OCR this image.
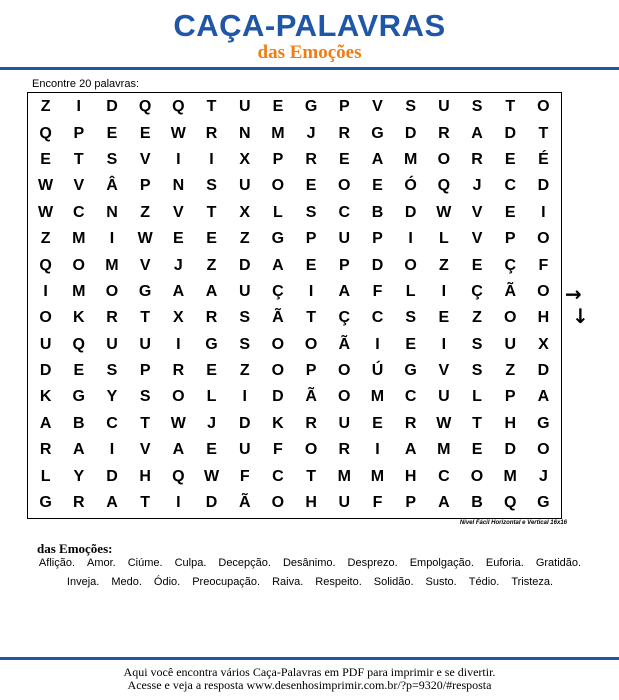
CAÇA-PALAVRAS
das Emoções
Encontre 20 palavras:
Z	I	D	Q	Q	T	U	E	G	P	V	S	U	S	T	O
Q	P	E	E	W	R	N	M	J	R	G	D	R	A	D	T
E	T	S	V	I	I	X	P	R	E	A	M	O	R	E	É
W	V	Â	P	N	S	U	O	E	O	E	Ó	Q	J	C	D
W	C	N	Z	V	T	X	L	S	C	B	D	W	V	E	I
Z	M	I	W	E	E	Z	G	P	U	P	I	L	V	P	O
Q	O	M	V	J	Z	D	A	E	P	D	O	Z	E	Ç	F
I	M	O	G	A	A	U	Ç	I	A	F	L	I	Ç	Ã	O
O	K	R	T	X	R	S	Ã	T	Ç	C	S	E	Z	O	H
U	Q	U	U	I	G	S	O	O	Ã	I	E	I	S	U	X
D	E	S	P	R	E	Z	O	P	O	Ú	G	V	S	Z	D
K	G	Y	S	O	L	I	D	Ã	O	M	C	U	L	P	A
A	B	C	T	W	J	D	K	R	U	E	R	W	T	H	G
R	A	I	V	A	E	U	F	O	R	I	A	M	E	D	O
L	Y	D	H	Q	W	F	C	T	M	M	H	C	O	M	J
G	R	A	T	I	D	Ã	O	H	U	F	P	A	B	Q	G
→
↓
Nível Fácil Horizontal e Vertical 16x16
das Emoções:
Aflição. Amor. Ciúme. Culpa. Decepção. Desânimo. Desprezo. Empolgação. Euforia. Gratidão.
Inveja. Medo. Ódio. Preocupação. Raiva. Respeito. Solidão. Susto. Tédio. Tristeza.
Aqui você encontra vários Caça-Palavras em PDF para imprimir e se divertir.
Acesse e veja a resposta www.desenhosimprimir.com.br/?p=9320/#resposta
